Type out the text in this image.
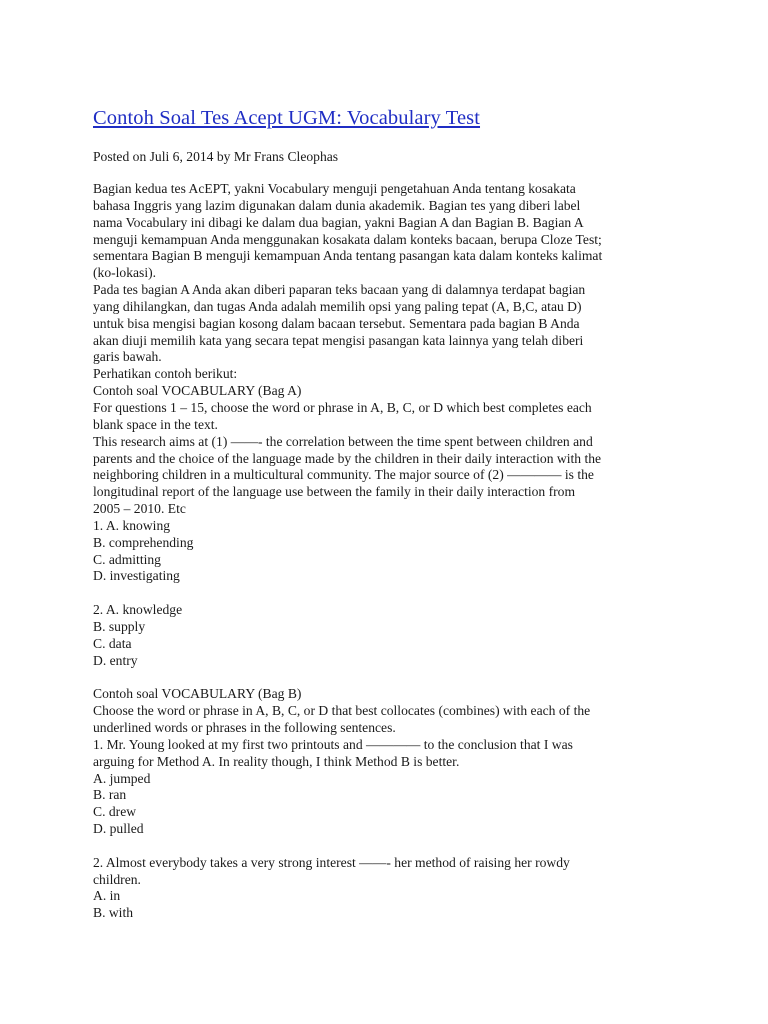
Contoh Soal Tes Acept UGM: Vocabulary Test
Posted on Juli 6, 2014 by Mr Frans Cleophas
Bagian kedua tes AcEPT, yakni Vocabulary menguji pengetahuan Anda tentang kosakata
bahasa Inggris yang lazim digunakan dalam dunia akademik. Bagian tes yang diberi label
nama Vocabulary ini dibagi ke dalam dua bagian, yakni Bagian A dan Bagian B. Bagian A
menguji kemampuan Anda menggunakan kosakata dalam konteks bacaan, berupa Cloze Test;
sementara Bagian B menguji kemampuan Anda tentang pasangan kata dalam konteks kalimat
(ko-lokasi).
Pada tes bagian A Anda akan diberi paparan teks bacaan yang di dalamnya terdapat bagian
yang dihilangkan, dan tugas Anda adalah memilih opsi yang paling tepat (A, B,C, atau D)
untuk bisa mengisi bagian kosong dalam bacaan tersebut. Sementara pada bagian B Anda
akan diuji memilih kata yang secara tepat mengisi pasangan kata lainnya yang telah diberi
garis bawah.
Perhatikan contoh berikut:
Contoh soal VOCABULARY (Bag A)
For questions 1 – 15, choose the word or phrase in A, B, C, or D which best completes each
blank space in the text.
This research aims at (1) ——- the correlation between the time spent between children and
parents and the choice of the language made by the children in their daily interaction with the
neighboring children in a multicultural community. The major source of (2) ———— is the
longitudinal report of the language use between the family in their daily interaction from
2005 – 2010. Etc
1. A. knowing
B. comprehending
C. admitting
D. investigating
2. A. knowledge
B. supply
C. data
D. entry
Contoh soal VOCABULARY (Bag B)
Choose the word or phrase in A, B, C, or D that best collocates (combines) with each of the
underlined words or phrases in the following sentences.
1. Mr. Young looked at my first two printouts and ———— to the conclusion that I was
arguing for Method A. In reality though, I think Method B is better.
A. jumped
B. ran
C. drew
D. pulled
2. Almost everybody takes a very strong interest ——- her method of raising her rowdy
children.
A. in
B. with
